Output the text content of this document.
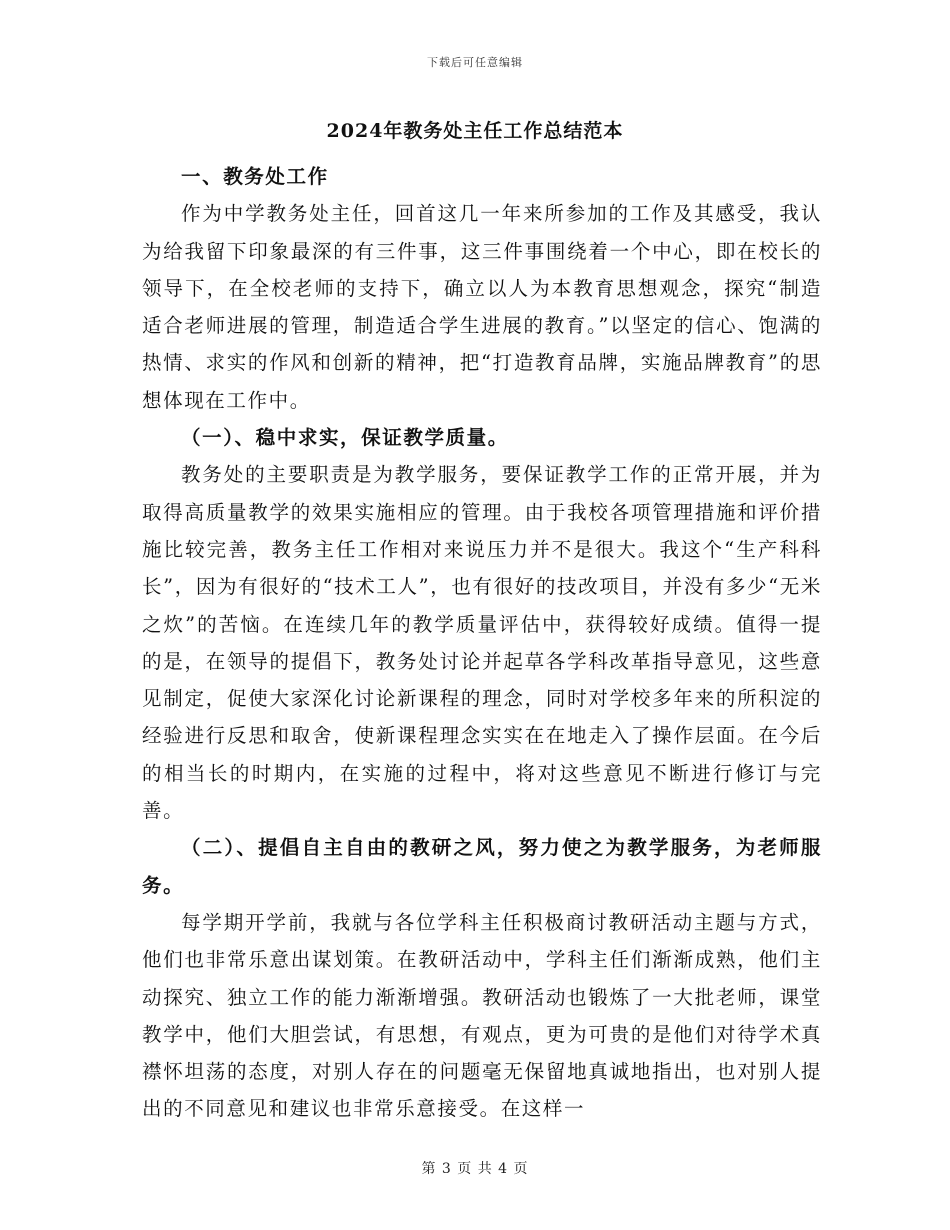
下载后可任意编辑
2024年教务处主任工作总结范本

一、教务处工作

作为中学教务处主任，回首这几一年来所参加的工作及其感受，我认为给我留下印象最深的有三件事，这三件事围绕着一个中心，即在校长的领导下，在全校老师的支持下，确立以人为本教育思想观念，探究“制造适合老师进展的管理，制造适合学生进展的教育。”以坚定的信心、饱满的热情、求实的作风和创新的精神，把“打造教育品牌，实施品牌教育”的思想体现在工作中。

（一）、稳中求实，保证教学质量。

教务处的主要职责是为教学服务，要保证教学工作的正常开展，并为取得高质量教学的效果实施相应的管理。由于我校各项管理措施和评价措施比较完善，教务主任工作相对来说压力并不是很大。我这个“生产科科长”，因为有很好的“技术工人”，也有很好的技改项目，并没有多少“无米之炊”的苦恼。在连续几年的教学质量评估中，获得较好成绩。值得一提的是，在领导的提倡下，教务处讨论并起草各学科改革指导意见，这些意见制定，促使大家深化讨论新课程的理念，同时对学校多年来的所积淀的经验进行反思和取舍，使新课程理念实实在在地走入了操作层面。在今后的相当长的时期内，在实施的过程中，将对这些意见不断进行修订与完善。

（二）、提倡自主自由的教研之风，努力使之为教学服务，为老师服务。

每学期开学前，我就与各位学科主任积极商讨教研活动主题与方式，他们也非常乐意出谋划策。在教研活动中，学科主任们渐渐成熟，他们主动探究、独立工作的能力渐渐增强。教研活动也锻炼了一大批老师，课堂教学中，他们大胆尝试，有思想，有观点，更为可贵的是他们对待学术真襟怀坦荡的态度，对别人存在的问题毫无保留地真诚地指出，也对别人提出的不同意见和建议也非常乐意接受。在这样一

第 3 页 共 4 页
